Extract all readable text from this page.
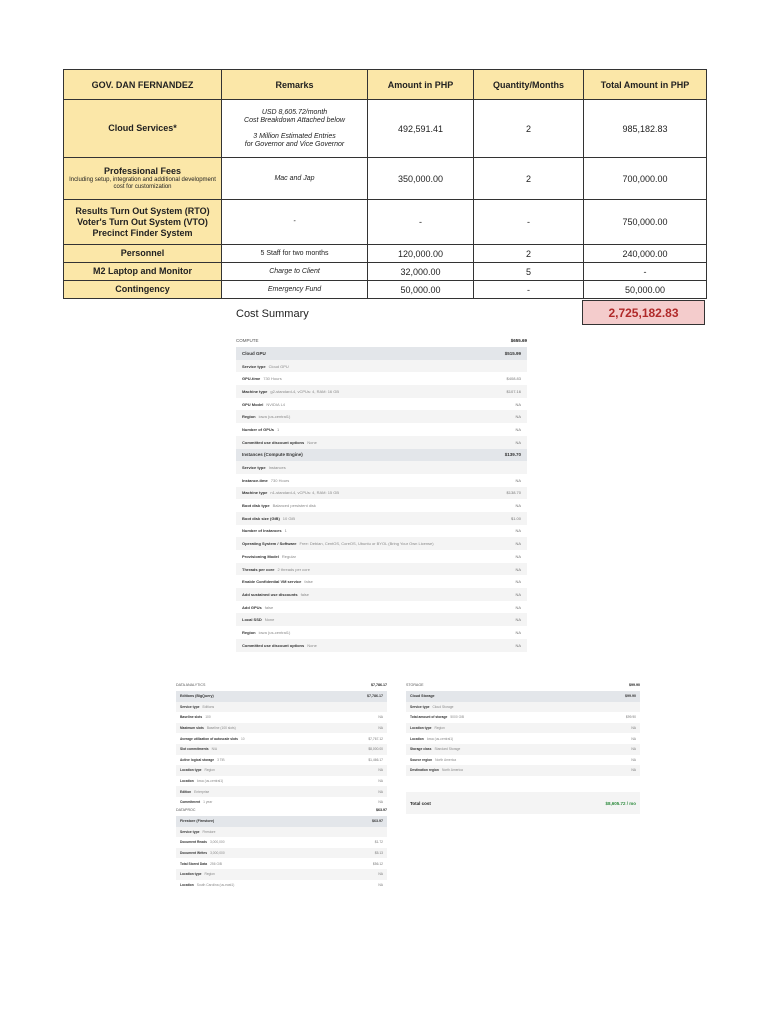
GOV. DAN FERNANDEZ	Remarks	Amount in PHP	Quantity/Months	Total Amount in PHP
Cloud Services*	USD 8,605.72/month
Cost Breakdown Attached below
3 Million Estimated Entries
for Governor and Vice Governor	492,591.41	2	985,182.83
Professional Fees
Including setup, integration and additional development cost for customization	Mac and Jap	350,000.00	2	700,000.00
Results Turn Out System (RTO) Voter's Turn Out System (VTO) Precinct Finder System	-	-	-	750,000.00
Personnel	5 Staff for two months	120,000.00	2	240,000.00
M2 Laptop and Monitor	Charge to Client	32,000.00	5	-
Contingency	Emergency Fund	50,000.00	-	50,000.00
2,725,182.83
Cost Summary
COMPUTE	$655.69
Cloud GPU	$515.99
Service type Cloud GPU
GPU-time 730 Hours	$408.83
Machine type g2-standard-4, vCPUs: 4, RAM: 16 GB	$107.16
GPU Model NVIDIA L4	NA
Region iowa (us-central1)	NA
Number of GPUs 1	NA
Committed use discount options None	NA
Instances (Compute Engine)	$139.70
Service type Instances
Instance-time 730 Hours	NA
Machine type n1-standard-4, vCPUs: 4, RAM: 15 GB	$138.70
Boot disk type Balanced persistent disk	NA
Boot disk size (GiB) 10 GiB	$1.00
Number of Instances 1	NA
Operating System / Software Free: Debian, CentOS, CoreOS, Ubuntu or BYOL (Bring Your Own License)	NA
Provisioning Model Regular	NA
Threads per core 2 threads per core	NA
Enable Confidential VM service false	NA
Add sustained use discounts false	NA
Add GPUs false	NA
Local SSD None	NA
Region iowa (us-central1)	NA
Committed use discount options None	NA
DATA ANALYTICS	$7,786.17
Editions (BigQuery)	$7,786.17
Service type Editions
Baseline slots 100	NA
Maximum slots Baseline (100 slots)	NA
Average utilization of autoscale slots 10	$7,767.12
Slot commitments N/A	$8,000.00
Active logical storage 3 TiB	$1,466.17
Location type Region	NA
Location Iowa (us-central1)	NA
Edition Enterprise	NA
Commitment 1 year	NA
DATAPROC	$63.97
Firestore (Firestore)	$63.97
Service type Firestore
Document Reads 3,000,000	$1.72
Document Writes 3,000,000	$5.13
Total Stored Data 256 GiB	$56.12
Location type Region	NA
Location South Carolina (us-east1)	NA
STORAGE	$99.90
Cloud Storage	$99.90
Service type Cloud Storage
Total amount of storage 5000 GiB	$99.90
Location type Region	NA
Location Iowa (us-central1)	NA
Storage class Standard Storage	NA
Source region North America	NA
Destination region North America	NA
Total cost	$8,605.72 / mo
